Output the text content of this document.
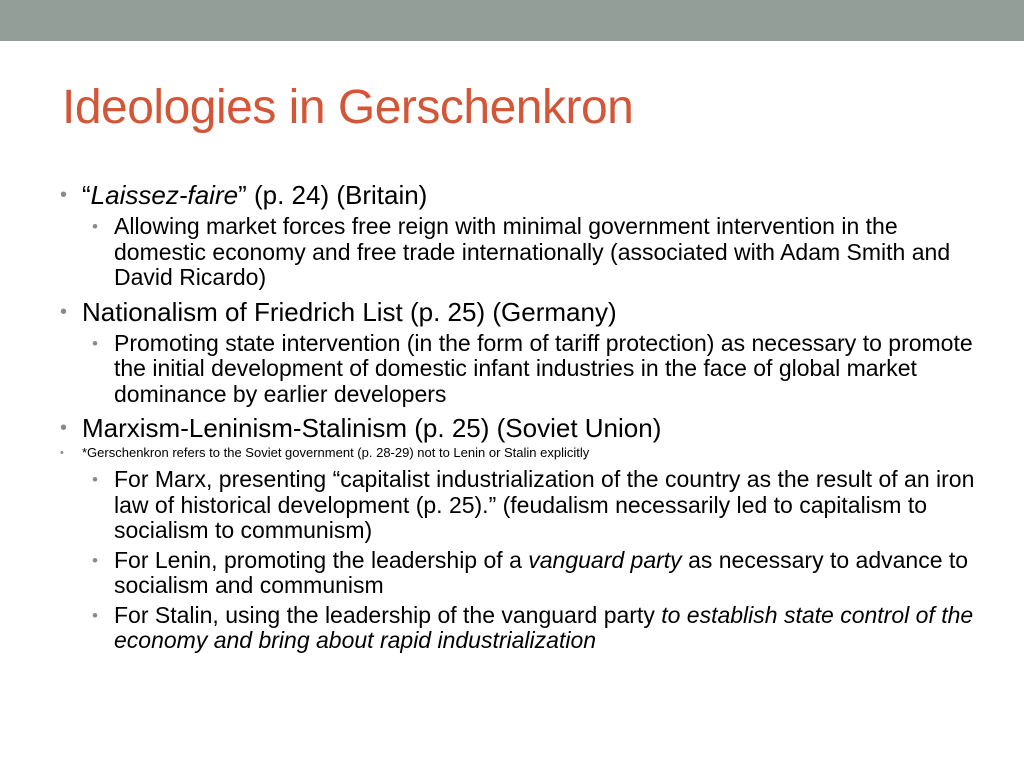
Ideologies in Gerschenkron

• “Laissez-faire” (p. 24) (Britain)

• Allowing market forces free reign with minimal government intervention in the domestic economy and free trade internationally (associated with Adam Smith and David Ricardo)

• Nationalism of Friedrich List (p. 25) (Germany)

• Promoting state intervention (in the form of tariff protection) as necessary to promote the initial development of domestic infant industries in the face of global market dominance by earlier developers

• Marxism-Leninism-Stalinism (p. 25) (Soviet Union)

• *Gerschenkron refers to the Soviet government (p. 28-29) not to Lenin or Stalin explicitly

• For Marx, presenting “capitalist industrialization of the country as the result of an iron law of historical development (p. 25).” (feudalism necessarily led to capitalism to socialism to communism)

• For Lenin, promoting the leadership of a vanguard party as necessary to advance to socialism and communism

• For Stalin, using the leadership of the vanguard party to establish state control of the economy and bring about rapid industrialization
